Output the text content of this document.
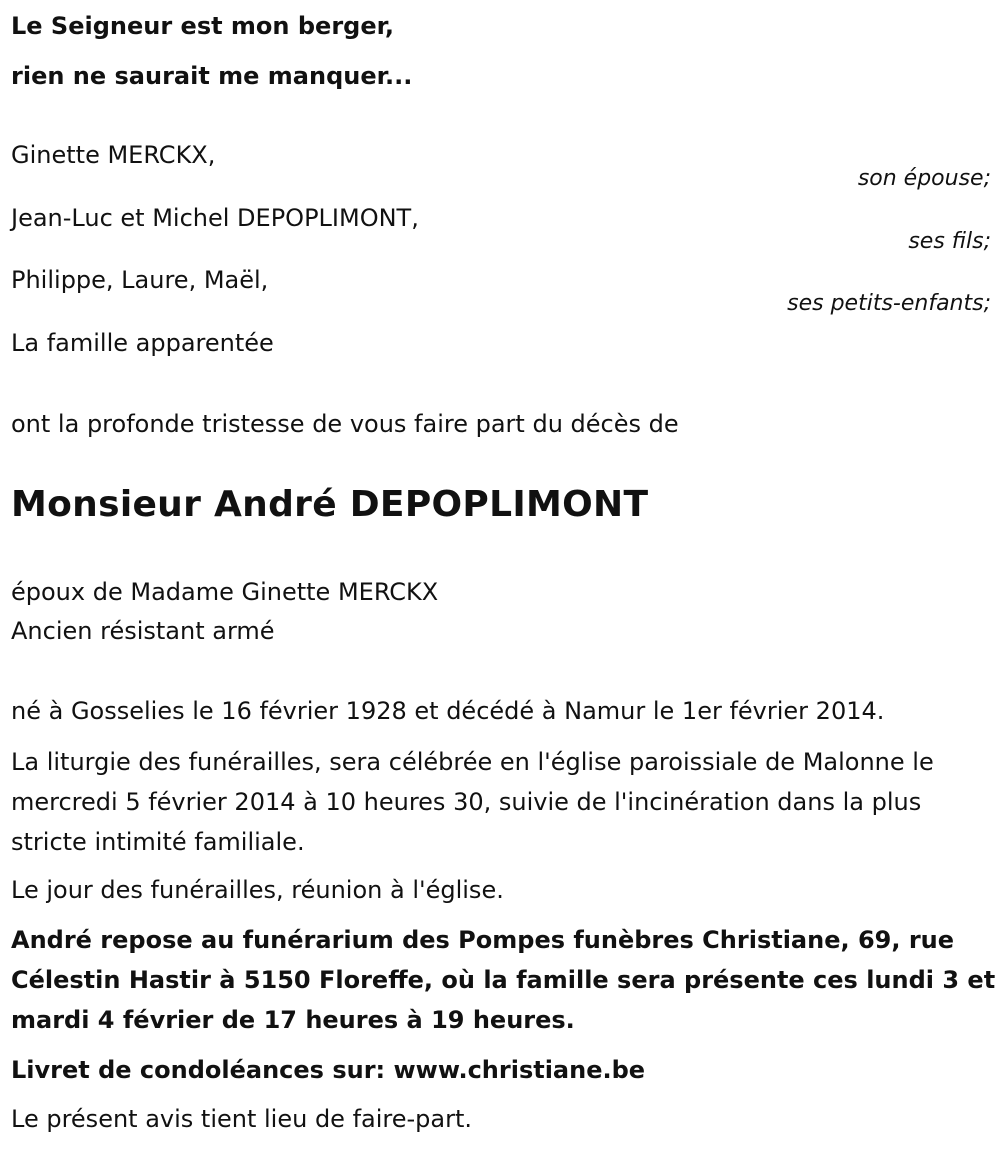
Le Seigneur est mon berger,
rien ne saurait me manquer...
Ginette MERCKX,
son épouse;
Jean-Luc et Michel DEPOPLIMONT,
ses fils;
Philippe, Laure, Maël,
ses petits-enfants;
La famille apparentée
ont la profonde tristesse de vous faire part du décès de
Monsieur André DEPOPLIMONT
époux de Madame Ginette MERCKX
Ancien résistant armé
né à Gosselies le 16 février 1928 et décédé à Namur le 1er février 2014.
La liturgie des funérailles, sera célébrée en l'église paroissiale de Malonne le mercredi 5 février 2014 à 10 heures 30, suivie de l'incinération dans la plus stricte intimité familiale.
Le jour des funérailles, réunion à l'église.
André repose au funérarium des Pompes funèbres Christiane, 69, rue Célestin Hastir à 5150 Floreffe, où la famille sera présente ces lundi 3 et mardi 4 février de 17 heures à 19 heures.
Livret de condoléances sur: www.christiane.be
Le présent avis tient lieu de faire-part.
